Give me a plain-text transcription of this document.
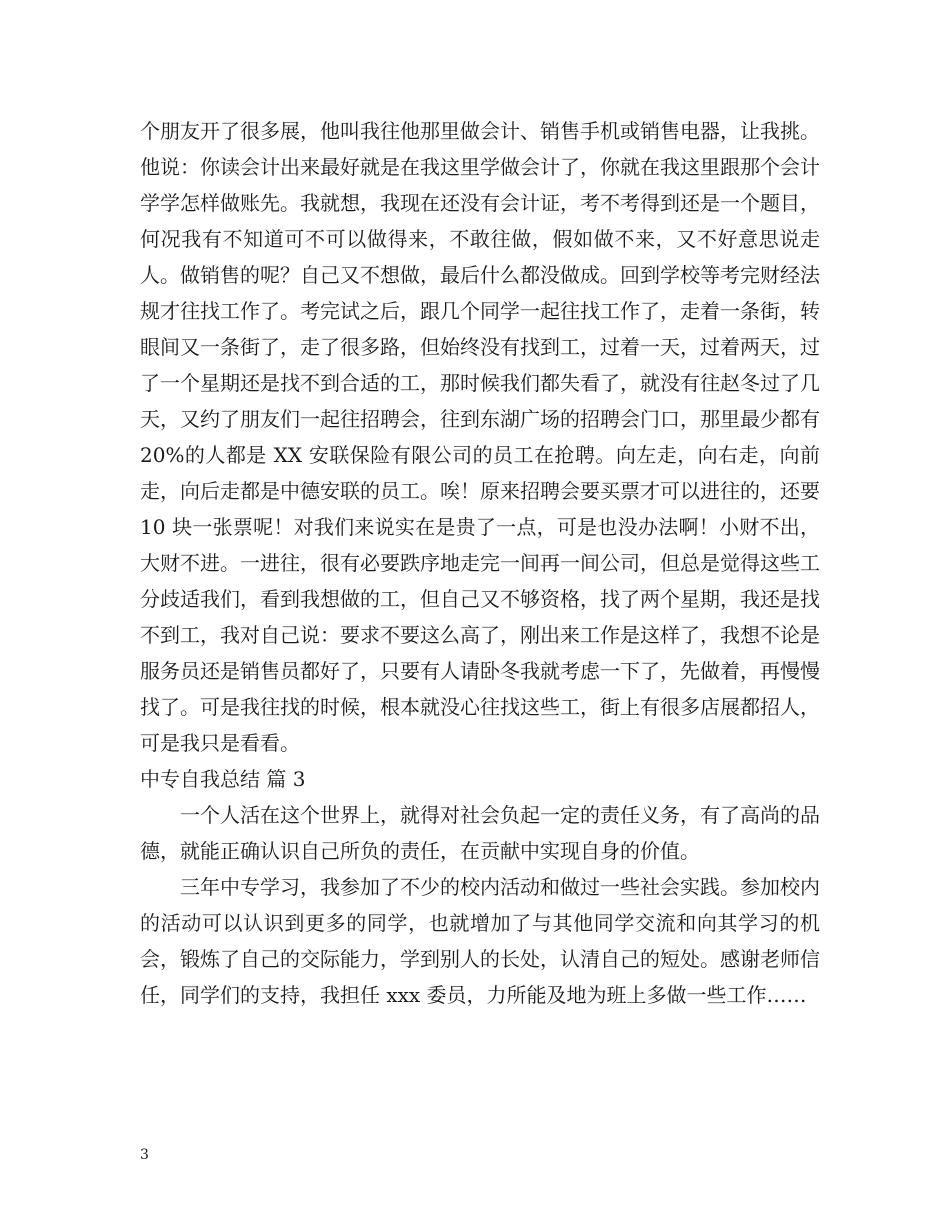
个朋友开了很多展，他叫我往他那里做会计、销售手机或销售电器，让我挑。他说：你读会计出来最好就是在我这里学做会计了，你就在我这里跟那个会计学学怎样做账先。我就想，我现在还没有会计证，考不考得到还是一个题目，何况我有不知道可不可以做得来，不敢往做，假如做不来，又不好意思说走人。做销售的呢？自己又不想做，最后什么都没做成。回到学校等考完财经法规才往找工作了。考完试之后，跟几个同学一起往找工作了，走着一条街，转眼间又一条街了，走了很多路，但始终没有找到工，过着一天，过着两天，过了一个星期还是找不到合适的工，那时候我们都失看了，就没有往赵冬过了几天，又约了朋友们一起往招聘会，往到东湖广场的招聘会门口，那里最少都有 20%的人都是 XX 安联保险有限公司的员工在抢聘。向左走，向右走，向前走，向后走都是中德安联的员工。唉！原来招聘会要买票才可以进往的，还要 10 块一张票呢！对我们来说实在是贵了一点，可是也没办法啊！小财不出，大财不进。一进往，很有必要跌序地走完一间再一间公司，但总是觉得这些工分歧适我们，看到我想做的工，但自己又不够资格，找了两个星期，我还是找不到工，我对自己说：要求不要这么高了，刚出来工作是这样了，我想不论是服务员还是销售员都好了，只要有人请卧冬我就考虑一下了，先做着，再慢慢找了。可是我往找的时候，根本就没心往找这些工，街上有很多店展都招人，可是我只是看看。

中专自我总结 篇 3

一个人活在这个世界上，就得对社会负起一定的责任义务，有了高尚的品德，就能正确认识自己所负的责任，在贡献中实现自身的价值。

三年中专学习，我参加了不少的校内活动和做过一些社会实践。参加校内的活动可以认识到更多的同学，也就增加了与其他同学交流和向其学习的机会，锻炼了自己的交际能力，学到别人的长处，认清自己的短处。感谢老师信任，同学们的支持，我担任 xxx 委员，力所能及地为班上多做一些工作……

3
